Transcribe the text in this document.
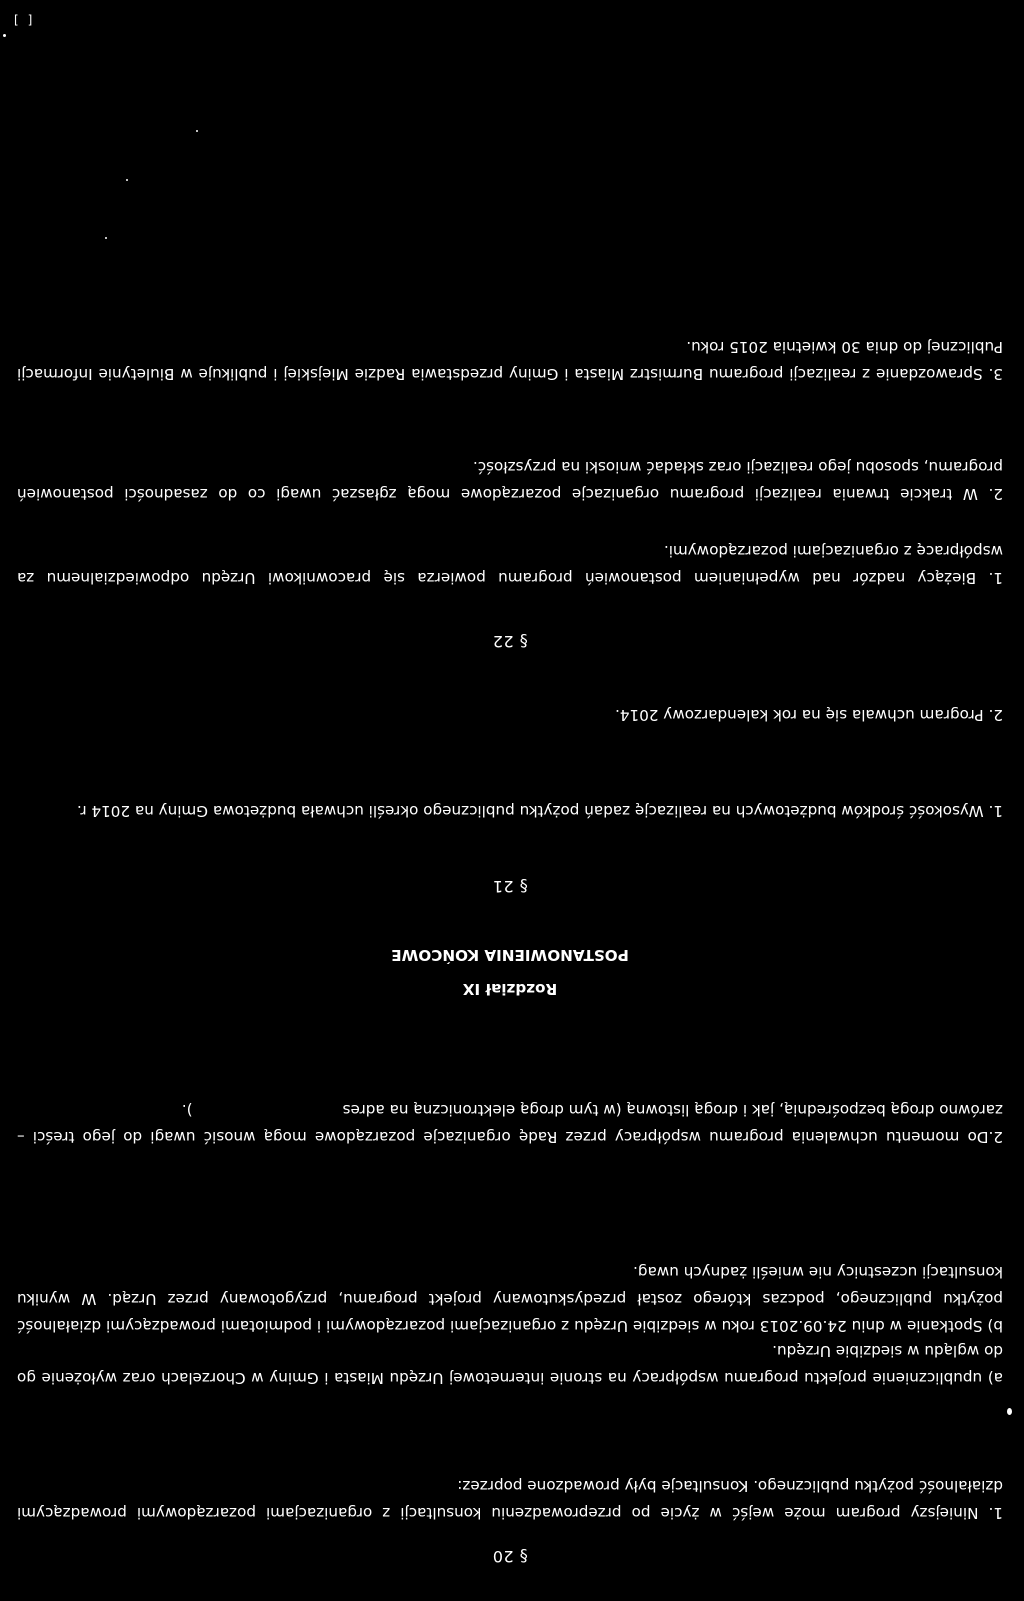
§ 20

1. Niniejszy program może wejść w życie po przeprowadzeniu konsultacji z organizacjami pozarządowymi prowadzącymi działalność pożytku publicznego. Konsultacje były prowadzone poprzez:

a) upublicznienie projektu programu współpracy na stronie internetowej Urzędu Miasta i Gminy w Chorzelach oraz wyłożenie go do wglądu w siedzibie Urzędu.

b) Spotkanie w dniu 24.09.2013 roku w siedzibie Urzędu z organizacjami pozarządowymi i podmiotami prowadzącymi działalność pożytku publicznego, podczas którego został przedyskutowany projekt programu, przygotowany przez Urząd. W wyniku konsultacji uczestnicy nie wnieśli żadnych uwag.

2.Do momentu uchwalenia programu współpracy przez Radę organizacje pozarządowe mogą wnosić uwagi do jego treści – zarówno drogą bezpośrednią, jak i drogą listowną (w tym drogą elektroniczną na adres).

Rozdział IX

POSTANOWIENIA KOŃCOWE

§ 21

1. Wysokość środków budżetowych na realizację zadań pożytku publicznego określi uchwała budżetowa Gminy na 2014 r.

2. Program uchwala się na rok kalendarzowy 2014.

§ 22

1. Bieżący nadzór nad wypełnianiem postanowień programu powierza się pracownikowi Urzędu odpowiedzialnemu za współpracę z organizacjami pozarządowymi.

2. W trakcie trwania realizacji programu organizacje pozarządowe mogą zgłaszać uwagi co do zasadności postanowień programu, sposobu jego realizacji oraz składać wnioski na przyszłość.

3. Sprawozdanie z realizacji programu Burmistrz Miasta i Gminy przedstawia Radzie Miejskiej i publikuje w Biuletynie Informacji Publicznej do dnia 30 kwietnia 2015 roku.

[ ]
